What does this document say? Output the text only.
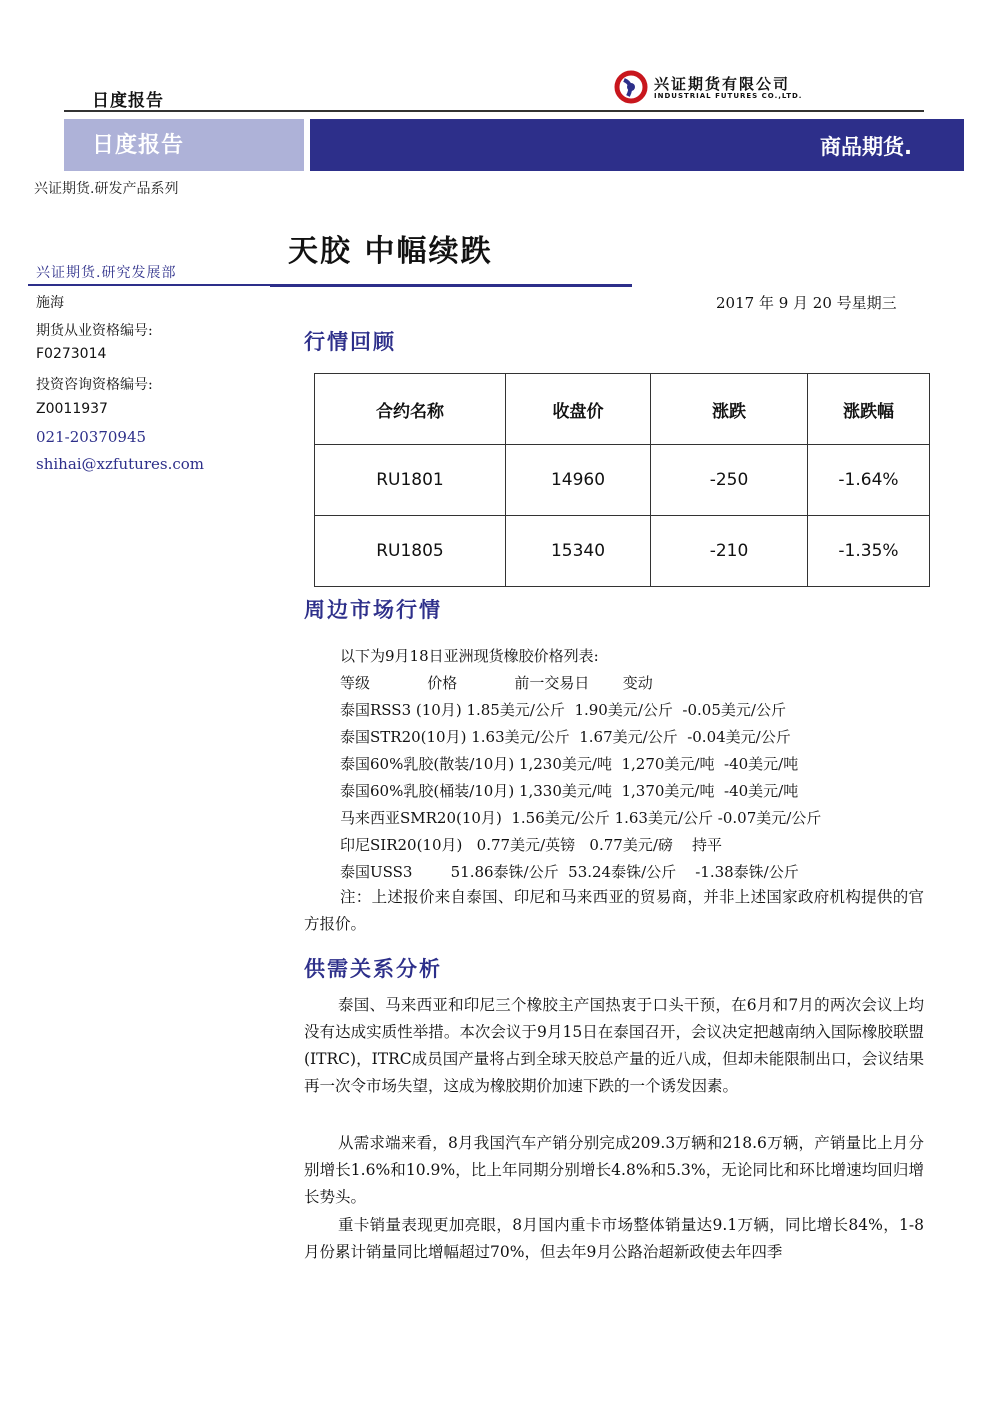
日度报告
兴证期货有限公司
INDUSTRIAL FUTURES CO.,LTD.
日度报告	商品期货.
兴证期货.研发产品系列
天胶 中幅续跌
兴证期货.研究发展部
施海
期货从业资格编号:
F0273014
投资咨询资格编号:
Z0011937
021-20370945
shihai@xzfutures.com
2017 年 9 月 20 号星期三
行情回顾
合约名称	收盘价	涨跌	涨跌幅
RU1801	14960	-250	-1.64%
RU1805	15340	-210	-1.35%
周边市场行情
以下为9月18日亚洲现货橡胶价格列表:
等级            价格            前一交易日       变动
泰国RSS3 (10月) 1.85美元/公斤  1.90美元/公斤  -0.05美元/公斤
泰国STR20(10月) 1.63美元/公斤  1.67美元/公斤  -0.04美元/公斤
泰国60%乳胶(散装/10月) 1,230美元/吨  1,270美元/吨  -40美元/吨
泰国60%乳胶(桶装/10月) 1,330美元/吨  1,370美元/吨  -40美元/吨
马来西亚SMR20(10月)  1.56美元/公斤 1.63美元/公斤 -0.07美元/公斤
印尼SIR20(10月)   0.77美元/英镑   0.77美元/磅    持平
泰国USS3        51.86泰铢/公斤  53.24泰铢/公斤    -1.38泰铢/公斤
注：上述报价来自泰国、印尼和马来西亚的贸易商，并非上述国家政府机构提供的官方报价。
供需关系分析
泰国、马来西亚和印尼三个橡胶主产国热衷于口头干预，在6月和7月的两次会议上均没有达成实质性举措。本次会议于9月15日在泰国召开，会议决定把越南纳入国际橡胶联盟(ITRC)，ITRC成员国产量将占到全球天胶总产量的近八成，但却未能限制出口，会议结果再一次令市场失望，这成为橡胶期价加速下跌的一个诱发因素。
从需求端来看，8月我国汽车产销分别完成209.3万辆和218.6万辆，产销量比上月分别增长1.6%和10.9%，比上年同期分别增长4.8%和5.3%，无论同比和环比增速均回归增长势头。
重卡销量表现更加亮眼，8月国内重卡市场整体销量达9.1万辆，同比增长84%，1-8月份累计销量同比增幅超过70%，但去年9月公路治超新政使去年四季
